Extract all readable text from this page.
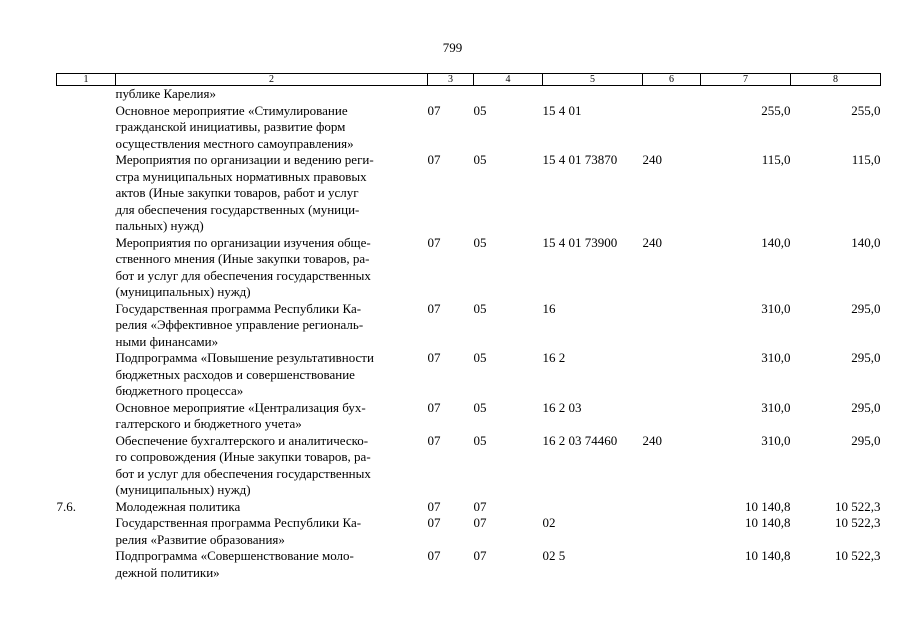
799
1	2	3	4	5	6	7	8
	публике Карелия»						
	Основное мероприятие «Стимулирование
гражданской инициативы, развитие форм
осуществления местного самоуправления»	07	05	15 4 01		255,0	255,0
	Мероприятия по организации и ведению реги-
стра муниципальных нормативных правовых
актов (Иные закупки товаров, работ и услуг
для обеспечения государственных (муници-
пальных) нужд)	07	05	15 4 01 73870	240	115,0	115,0
	Мероприятия по организации изучения обще-
ственного мнения (Иные закупки товаров, ра-
бот и услуг для обеспечения государственных
(муниципальных) нужд)	07	05	15 4 01 73900	240	140,0	140,0
	Государственная программа Республики Ка-
релия «Эффективное управление региональ-
ными финансами»	07	05	16		310,0	295,0
	Подпрограмма «Повышение результативности
бюджетных расходов и совершенствование
бюджетного процесса»	07	05	16 2		310,0	295,0
	Основное мероприятие «Централизация бух-
галтерского и бюджетного учета»	07	05	16 2 03		310,0	295,0
	Обеспечение бухгалтерского и аналитическо-
го сопровождения (Иные закупки товаров, ра-
бот и услуг для обеспечения государственных
(муниципальных) нужд)	07	05	16 2 03 74460	240	310,0	295,0
7.6.	Молодежная политика	07	07			10 140,8	10 522,3
	Государственная программа Республики Ка-
релия «Развитие образования»	07	07	02		10 140,8	10 522,3
	Подпрограмма «Совершенствование моло-
дежной политики»	07	07	02 5		10 140,8	10 522,3
